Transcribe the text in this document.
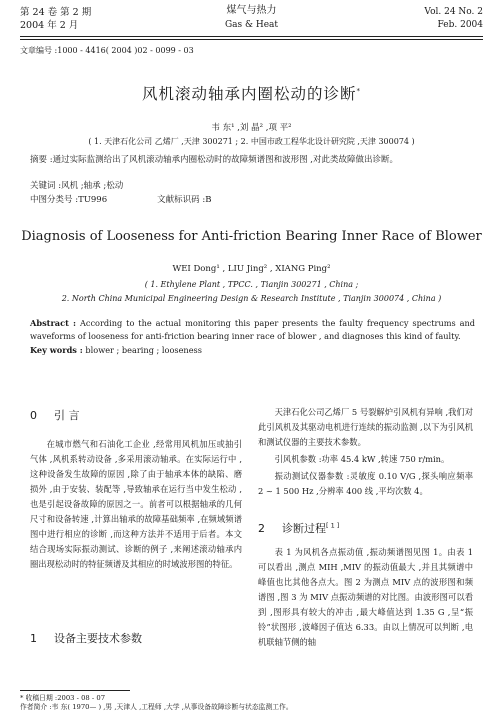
第 24 卷 第 2 期
2004 年 2 月
煤气与热力
Gas & Heat
Vol. 24 No. 2
Feb. 2004
文章编号 :1000 - 4416( 2004 )02 - 0099 - 03
风机滚动轴承内圈松动的诊断*
韦 东¹ ,刘 晶² ,项 平²
( 1. 天津石化公司 乙烯厂 ,天津 300271 ; 2. 中国市政工程华北设计研究院 ,天津 300074 )
摘要 :通过实际监测给出了风机滚动轴承内圈松动时的故障频谱图和波形图 ,对此类故障做出诊断。
关键词 :风机 ;轴承 ;松动
中图分类号 :TU996	文献标识码 :B
Diagnosis of Looseness for Anti-friction Bearing Inner Race of Blower
WEI Dong¹ , LIU Jing² , XIANG Ping²
( 1. Ethylene Plant , TPCC. , Tianjin 300271 , China ;
2. North China Municipal Engineering Design & Research Institute , Tianjin 300074 , China )
Abstract : According to the actual monitoring this paper presents the faulty frequency spectrums and waveforms of looseness for anti-friction bearing inner race of blower , and diagnoses this kind of faulty.
Key words : blower ; bearing ; looseness
0 引 言
在城市燃气和石油化工企业 ,经常用风机加压或抽引气体 ,风机系转动设备 ,多采用滚动轴承。在实际运行中 ,这种设备发生故障的原因 ,除了由于轴承本体的缺陷、磨损外 ,由于安装、装配等 ,导致轴承在运行当中发生松动 ,也是引起设备故障的原因之一。前者可以根据轴承的几何尺寸和设备转速 ,计算出轴承的故障基础频率 ,在频域频谱图中进行相应的诊断 ,而这种方法并不适用于后者。本文结合现场实际振动测试、诊断的例子 ,来阐述滚动轴承内圈出现松动时的特征频谱及其相应的时域波形图的特征。
1 设备主要技术参数
天津石化公司乙烯厂 5 号裂解炉引风机有异响 ,我们对此引风机及其驱动电机进行连续的振动监测 ,以下为引风机和测试仪器的主要技术参数。
引风机参数 :功率 45.4 kW ,转速 750 r/min。
振动测试仪器参数 :灵敏度 0.10 V/G ,探头响应频率 2 ~ 1 500 Hz ,分辨率 400 线 ,平均次数 4。
2 诊断过程[ 1 ]
表 1 为风机各点振动值 ,振动频谱图见图 1。由表 1 可以看出 ,测点 MIH ,MIV 的振动值最大 ,并且其频谱中峰值也比其他各点大。图 2 为测点 MIV 点的波形图和频谱图 ,图 3 为 MIV 点振动频谱的对比图。由波形图可以看到 ,图形具有较大的冲击 ,最大峰值达到 1.35 G ,呈“振铃”状图形 ,波峰因子值达 6.33。由以上情况可以判断 ,电机联轴节侧的轴
* 收稿日期 :2003 - 08 - 07
作者简介 :韦 东( 1970— ) ,男 ,天津人 ,工程师 ,大学 ,从事设备故障诊断与状态监测工作。
